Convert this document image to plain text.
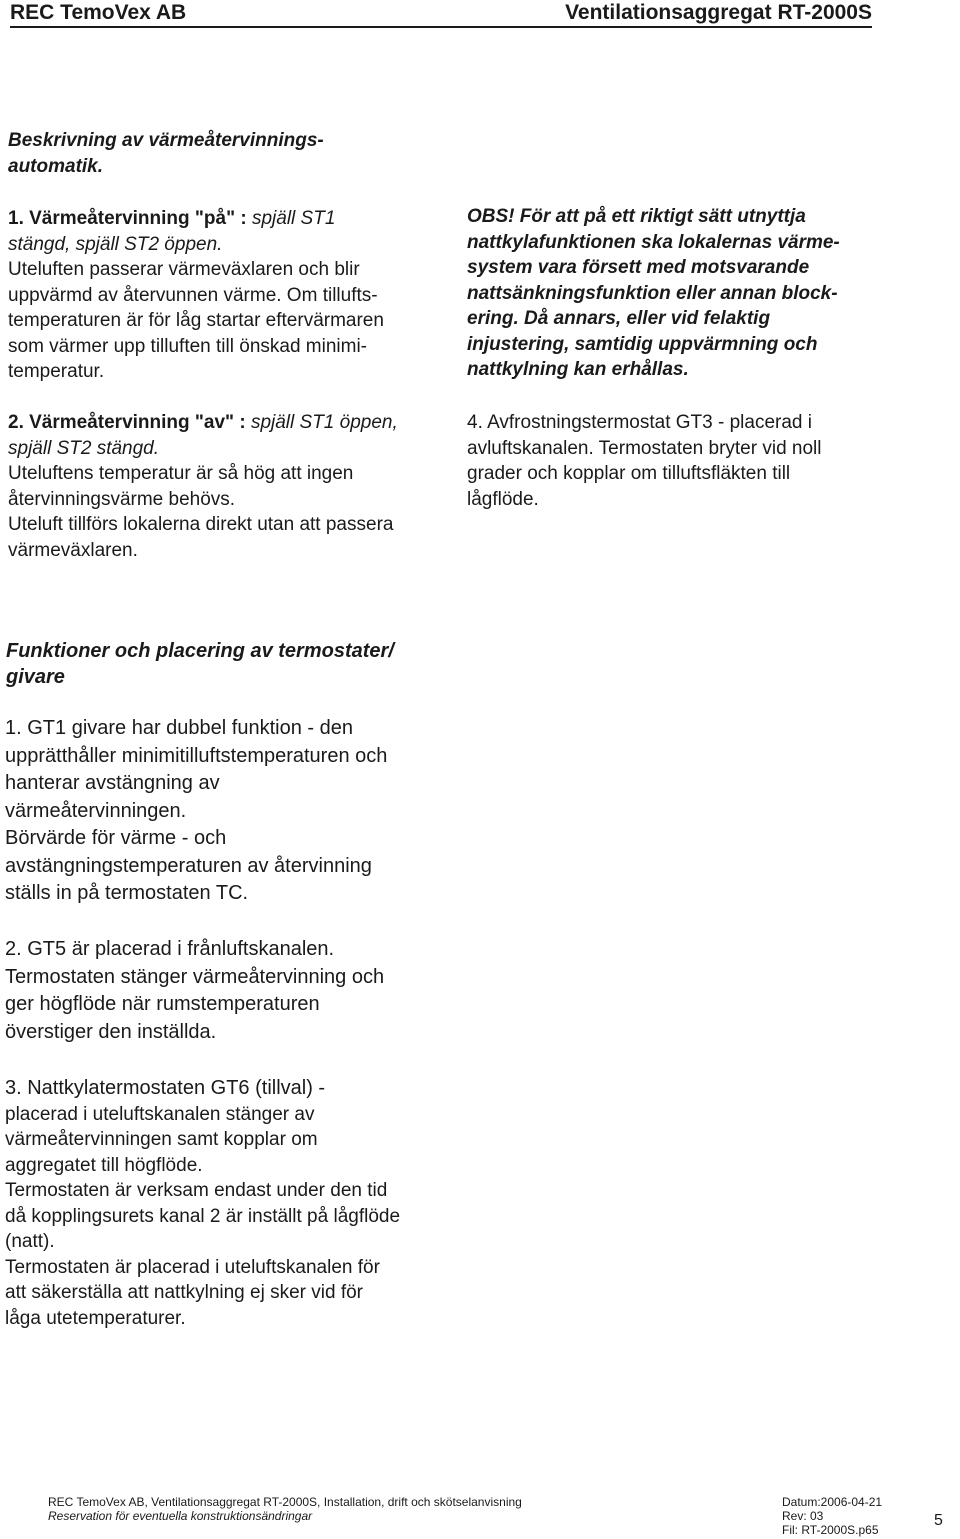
REC TemoVex AB	Ventilationsaggregat RT-2000S
Beskrivning av värmeåtervinnings-
automatik.
1. Värmeåtervinning "på" : spjäll ST1
stängd, spjäll ST2 öppen.
Uteluften passerar värmeväxlaren och blir
uppvärmd av återvunnen värme. Om tillufts-
temperaturen är för låg startar eftervärmaren
som värmer upp tilluften till önskad minimi-
temperatur.
2. Värmeåtervinning "av" : spjäll ST1 öppen,
spjäll ST2 stängd.
Uteluftens temperatur är så hög att ingen
återvinningsvärme behövs.
Uteluft tillförs lokalerna direkt utan att passera
värmeväxlaren.
OBS! För att på ett riktigt sätt utnyttja
nattkylafunktionen ska lokalernas värme-
system vara försett med motsvarande
nattsänkningsfunktion eller annan block-
ering. Då annars, eller vid felaktig
injustering, samtidig uppvärmning och
nattkylning kan erhållas.
4. Avfrostningstermostat GT3 - placerad i
avluftskanalen. Termostaten bryter vid noll
grader och kopplar om tilluftsfläkten till
lågflöde.
Funktioner och placering av termostater/
givare
1. GT1 givare har dubbel funktion - den
upprätthåller minimitilluftstemperaturen och
hanterar avstängning av
värmeåtervinningen.
Börvärde för värme - och
avstängningstemperaturen av återvinning
ställs in på termostaten TC.
2. GT5 är placerad i frånluftskanalen.
Termostaten stänger värmeåtervinning och
ger högflöde när rumstemperaturen
överstiger den inställda.
3. Nattkylatermostaten GT6 (tillval) -
placerad i uteluftskanalen stänger av
värmeåtervinningen samt kopplar om
aggregatet till högflöde.
Termostaten är verksam endast under den tid
då kopplingsurets kanal 2 är inställt på lågflöde
(natt).
Termostaten är placerad i uteluftskanalen för
att säkerställa att nattkylning ej sker vid för
låga utetemperaturer.
REC TemoVex AB, Ventilationsaggregat RT-2000S, Installation, drift och skötselanvisning
Reservation för eventuella konstruktionsändringar
Datum:2006-04-21
Rev: 03
Fil: RT-2000S.p65
5
